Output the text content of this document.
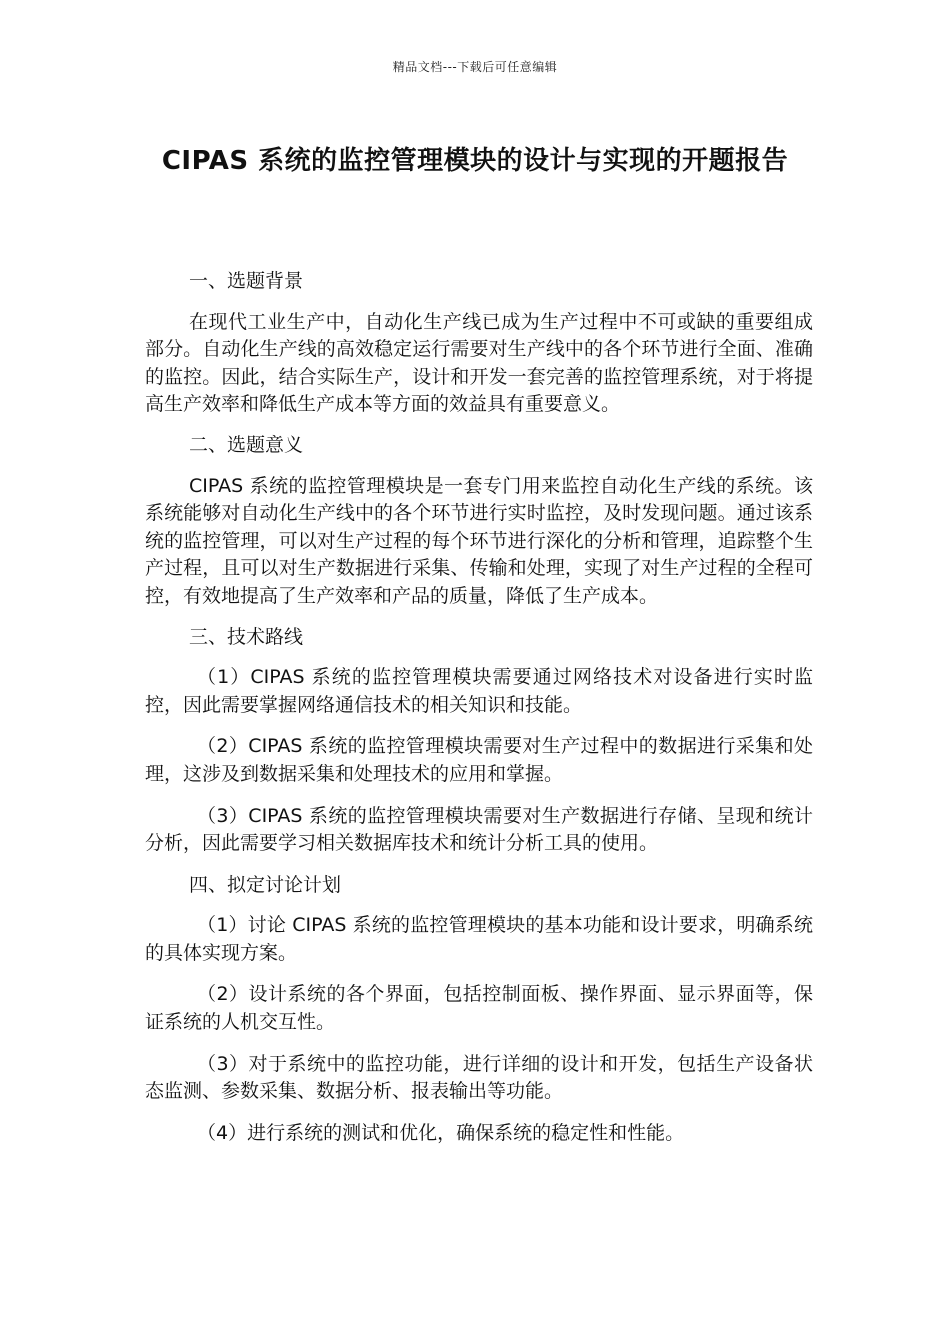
精品文档---下载后可任意编辑
CIPAS 系统的监控管理模块的设计与实现的开题报告

一、选题背景

在现代工业生产中，自动化生产线已成为生产过程中不可或缺的重要组成部分。自动化生产线的高效稳定运行需要对生产线中的各个环节进行全面、准确的监控。因此，结合实际生产，设计和开发一套完善的监控管理系统，对于将提高生产效率和降低生产成本等方面的效益具有重要意义。

二、选题意义

CIPAS 系统的监控管理模块是一套专门用来监控自动化生产线的系统。该系统能够对自动化生产线中的各个环节进行实时监控，及时发现问题。通过该系统的监控管理，可以对生产过程的每个环节进行深化的分析和管理，追踪整个生产过程，且可以对生产数据进行采集、传输和处理，实现了对生产过程的全程可控，有效地提高了生产效率和产品的质量，降低了生产成本。

三、技术路线

（1）CIPAS 系统的监控管理模块需要通过网络技术对设备进行实时监控，因此需要掌握网络通信技术的相关知识和技能。

（2）CIPAS 系统的监控管理模块需要对生产过程中的数据进行采集和处理，这涉及到数据采集和处理技术的应用和掌握。

（3）CIPAS 系统的监控管理模块需要对生产数据进行存储、呈现和统计分析，因此需要学习相关数据库技术和统计分析工具的使用。

四、拟定讨论计划

（1）讨论 CIPAS 系统的监控管理模块的基本功能和设计要求，明确系统的具体实现方案。

（2）设计系统的各个界面，包括控制面板、操作界面、显示界面等，保证系统的人机交互性。

（3）对于系统中的监控功能，进行详细的设计和开发，包括生产设备状态监测、参数采集、数据分析、报表输出等功能。

（4）进行系统的测试和优化，确保系统的稳定性和性能。
